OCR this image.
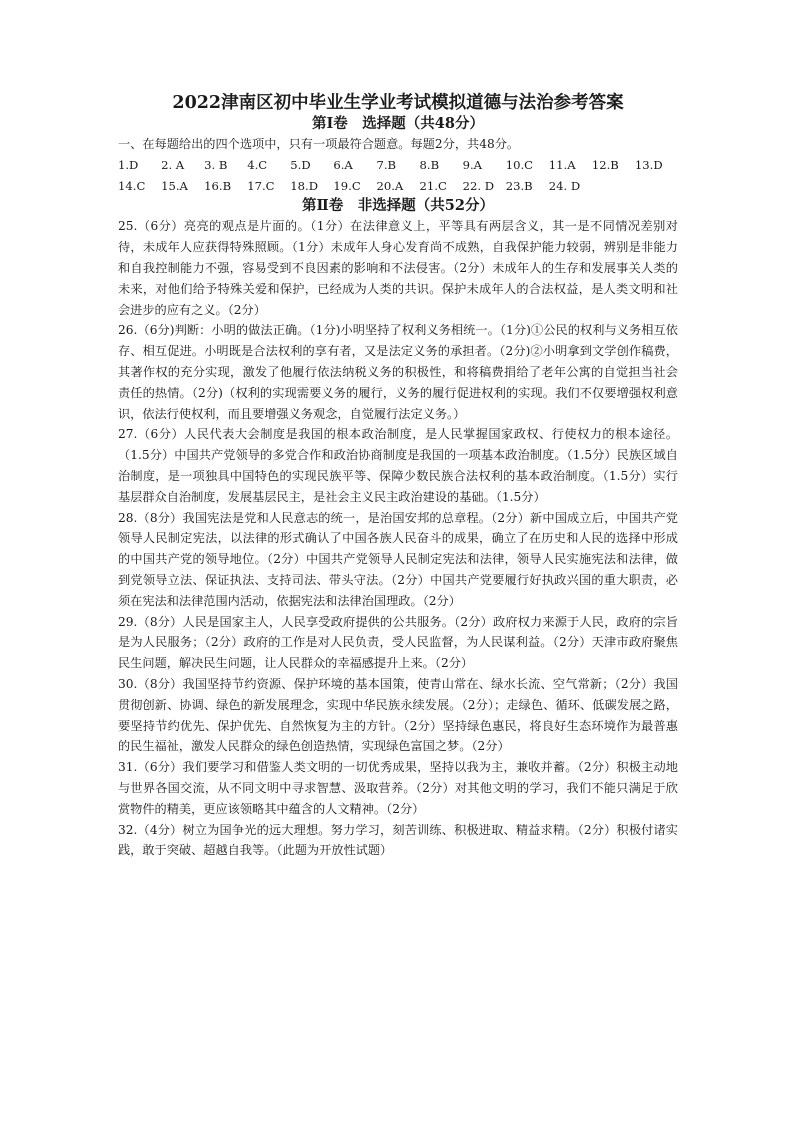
2022津南区初中毕业生学业考试模拟道德与法治参考答案
第Ⅰ卷　选择题（共48分）
一、在每题给出的四个选项中，只有一项最符合题意。每题2分，共48分。
1.D	2. A	3. B	4.C	5.D	6.A	7.B	8.B	9.A	10.C	11.A	12.B	13.D
14.C	15.A	16.B	17.C	18.D	19.C	20.A	21.C	22. D	23.B	24. D
第Ⅱ卷　非选择题（共52分）

25.（6分）亮亮的观点是片面的。（1分）在法律意义上，平等具有两层含义，其一是不同情况差别对待，未成年人应获得特殊照顾。（1分）未成年人身心发育尚不成熟，自我保护能力较弱，辨别是非能力和自我控制能力不强，容易受到不良因素的影响和不法侵害。（2分）未成年人的生存和发展事关人类的未来，对他们给予特殊关爱和保护，已经成为人类的共识。保护未成年人的合法权益，是人类文明和社会进步的应有之义。（2分）

26.（6分)判断：小明的做法正确。（1分)小明坚持了权利义务相统一。（1分)①公民的权利与义务相互依存、相互促进。小明既是合法权利的享有者，又是法定义务的承担者。（2分)②小明拿到文学创作稿费，其著作权的充分实现，激发了他履行依法纳税义务的积极性，和将稿费捐给了老年公寓的自觉担当社会责任的热情。（2分)（权利的实现需要义务的履行，义务的履行促进权利的实现。我们不仅要增强权利意识，依法行使权利，而且要增强义务观念，自觉履行法定义务。）

27.（6分）人民代表大会制度是我国的根本政治制度，是人民掌握国家政权、行使权力的根本途径。（1.5分）中国共产党领导的多党合作和政治协商制度是我国的一项基本政治制度。（1.5分）民族区域自治制度，是一项独具中国特色的实现民族平等、保障少数民族合法权利的基本政治制度。（1.5分）实行基层群众自治制度，发展基层民主，是社会主义民主政治建设的基础。（1.5分）

28.（8分）我国宪法是党和人民意志的统一，是治国安邦的总章程。（2分）新中国成立后，中国共产党领导人民制定宪法，以法律的形式确认了中国各族人民奋斗的成果，确立了在历史和人民的选择中形成的中国共产党的领导地位。（2分）中国共产党领导人民制定宪法和法律，领导人民实施宪法和法律，做到党领导立法、保证执法、支持司法、带头守法。（2分）中国共产党要履行好执政兴国的重大职责，必须在宪法和法律范围内活动，依据宪法和法律治国理政。（2分）

29.（8分）人民是国家主人，人民享受政府提供的公共服务。（2分）政府权力来源于人民，政府的宗旨是为人民服务；（2分）政府的工作是对人民负责，受人民监督，为人民谋利益。（2分）天津市政府聚焦民生问题，解决民生问题，让人民群众的幸福感提升上来。（2分）

30.（8分）我国坚持节约资源、保护环境的基本国策，使青山常在、绿水长流、空气常新；（2分）我国贯彻创新、协调、绿色的新发展理念，实现中华民族永续发展。（2分）；走绿色、循环、低碳发展之路，要坚持节约优先、保护优先、自然恢复为主的方针。（2分）坚持绿色惠民，将良好生态环境作为最普惠的民生福祉，激发人民群众的绿色创造热情，实现绿色富国之梦。（2分）

31.（6分）我们要学习和借鉴人类文明的一切优秀成果，坚持以我为主，兼收并蓄。（2分）积极主动地与世界各国交流，从不同文明中寻求智慧、汲取营养。（2分）对其他文明的学习，我们不能只满足于欣赏物件的精美，更应该领略其中蕴含的人文精神。（2分）

32.（4分）树立为国争光的远大理想。努力学习，刻苦训练、积极进取、精益求精。（2分）积极付诸实践，敢于突破、超越自我等。（此题为开放性试题）
